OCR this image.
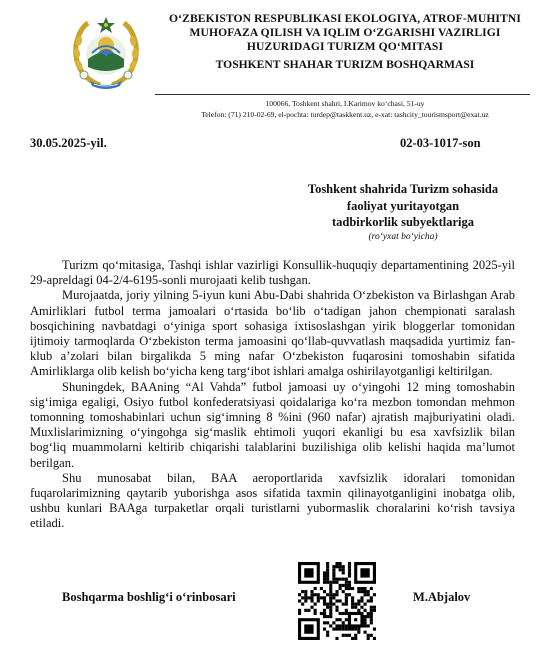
O‘ZBEKISTON RESPUBLIKASI EKOLOGIYA, ATROF-MUHITNI
MUHOFAZA QILISH VA IQLIM O‘ZGARISHI VAZIRLIGI
HUZURIDAGI TURIZM QO‘MITASI
TOSHKENT SHAHAR TURIZM BOSHQARMASI
100066, Toshkent shahri, I.Karimov ko‘chasi, 51-uy
Telefon: (71) 210-02-69, el-pochta: turdep@taskkent.uz, e-xat: tashcity_tourismsport@exat.uz
30.05.2025-yil.	02-03-1017-son
Toshkent shahrida Turizm sohasida
faoliyat yuritayotgan
tadbirkorlik subyektlariga
(ro‘yxat bo‘yicha)

Turizm qo‘mitasiga, Tashqi ishlar vazirligi Konsullik-huquqiy departamentining 2025-yil 29-apreldagi 04-2/4-6195-sonli murojaati kelib tushgan.

Murojaatda, joriy yilning 5-iyun kuni Abu-Dabi shahrida O‘zbekiston va Birlashgan Arab Amirliklari futbol terma jamoalari o‘rtasida bo‘lib o‘tadigan jahon chempionati saralash bosqichining navbatdagi o‘yiniga sport sohasiga ixtisoslashgan yirik bloggerlar tomonidan ijtimoiy tarmoqlarda O‘zbekiston terma jamoasini qo‘llab-quvvatlash maqsadida yurtimiz fan-klub a’zolari bilan birgalikda 5 ming nafar O‘zbekiston fuqarosini tomoshabin sifatida Amirliklarga olib kelish bo‘yicha keng targ‘ibot ishlari amalga oshirilayotganligi keltirilgan.

Shuningdek, BAAning “Al Vahda” futbol jamoasi uy o‘yingohi 12 ming tomoshabin sig‘imiga egaligi, Osiyo futbol konfederatsiyasi qoidalariga ko‘ra mezbon tomondan mehmon tomonning tomoshabinlari uchun sig‘imning 8 %ini (960 nafar) ajratish majburiyatini oladi. Muxlislarimizning o‘yingohga sig‘maslik ehtimoli yuqori ekanligi bu esa xavfsizlik bilan bog‘liq muammolarni keltirib chiqarishi talablarini buzilishiga olib kelishi haqida ma’lumot berilgan.

Shu munosabat bilan, BAA aeroportlarida xavfsizlik idoralari tomonidan fuqarolarimizning qaytarib yuborishga asos sifatida taxmin qilinayotganligini inobatga olib, ushbu kunlari BAAga turpaketlar orqali turistlarni yubormaslik choralarini ko‘rish tavsiya etiladi.

Boshqarma boshlig‘i o‘rinbosari	M.Abjalov
